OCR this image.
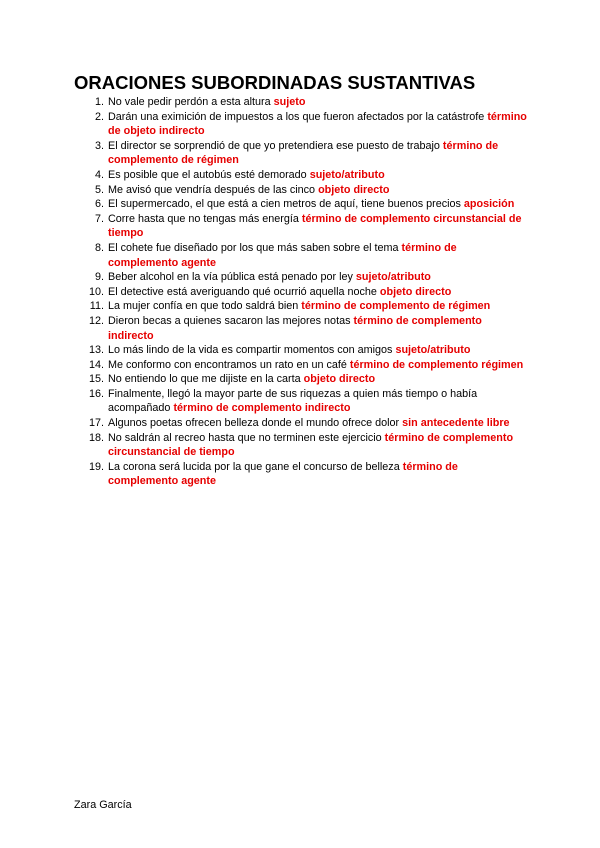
ORACIONES SUBORDINADAS SUSTANTIVAS
1. No vale pedir perdón a esta altura sujeto
2. Darán una eximición de impuestos a los que fueron afectados por la catástrofe término de objeto indirecto
3. El director se sorprendió de que yo pretendiera ese puesto de trabajo término de complemento de régimen
4. Es posible que el autobús esté demorado sujeto/atributo
5. Me avisó que vendría después de las cinco objeto directo
6. El supermercado, el que está a cien metros de aquí, tiene buenos precios aposición
7. Corre hasta que no tengas más energía término de complemento circunstancial de tiempo
8. El cohete fue diseñado por los que más saben sobre el tema término de complemento agente
9. Beber alcohol en la vía pública está penado por ley sujeto/atributo
10. El detective está averiguando qué ocurrió aquella noche objeto directo
11. La mujer confía en que todo saldrá bien término de complemento de régimen
12. Dieron becas a quienes sacaron las mejores notas término de complemento indirecto
13. Lo más lindo de la vida es compartir momentos con amigos sujeto/atributo
14. Me conformo con encontramos un rato en un café término de complemento régimen
15. No entiendo lo que me dijiste en la carta objeto directo
16. Finalmente, llegó la mayor parte de sus riquezas a quien más tiempo o había acompañado término de complemento indirecto
17. Algunos poetas ofrecen belleza donde el mundo ofrece dolor sin antecedente libre
18. No saldrán al recreo hasta que no terminen este ejercicio término de complemento circunstancial de tiempo
19. La corona será lucida por la que gane el concurso de belleza término de complemento agente
Zara García
